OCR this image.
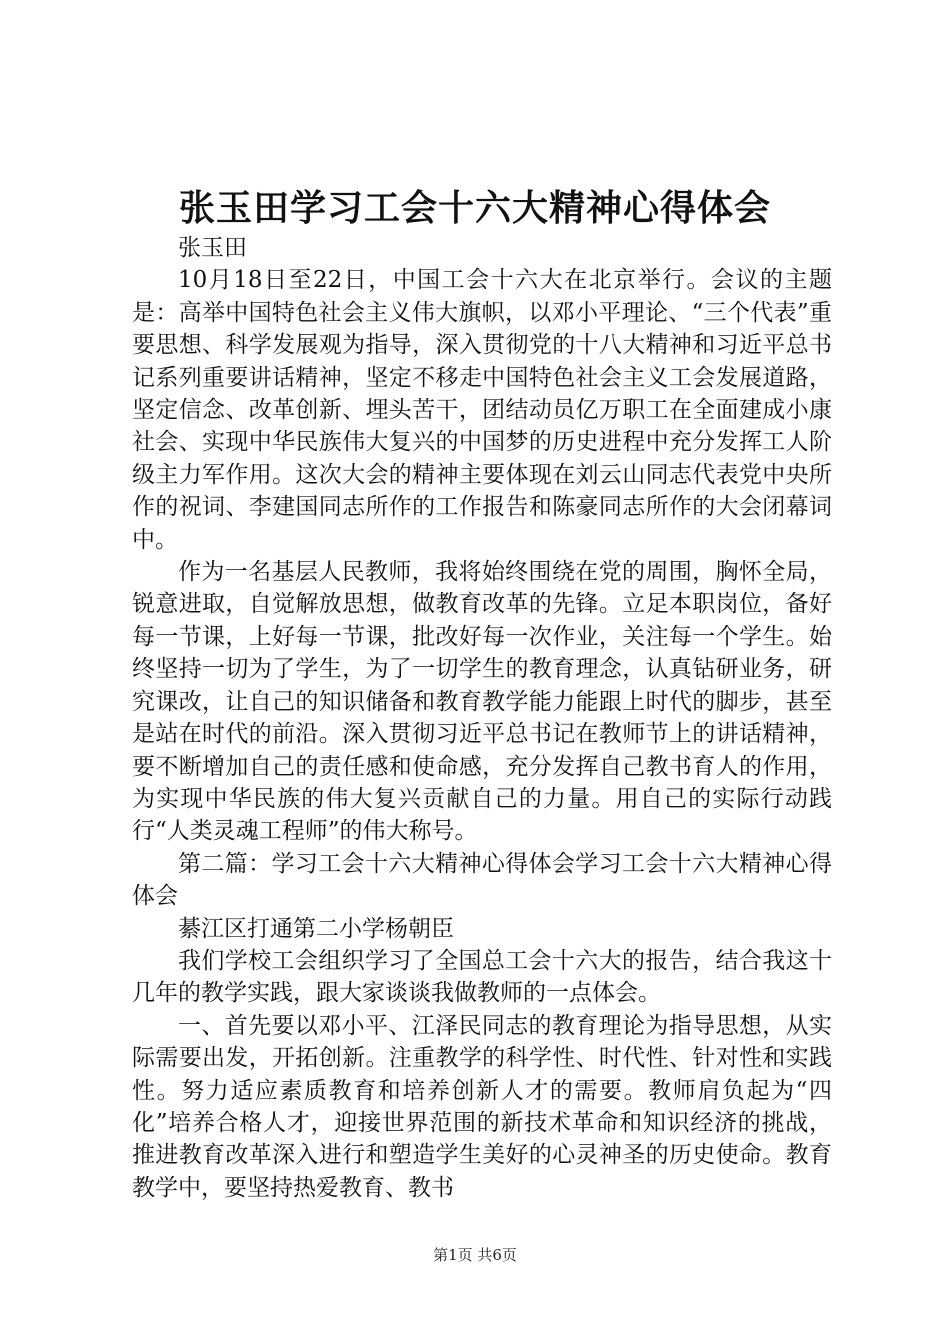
张玉田学习工会十六大精神心得体会

张玉田

10月18日至22日，中国工会十六大在北京举行。会议的主题是：高举中国特色社会主义伟大旗帜，以邓小平理论、“三个代表”重要思想、科学发展观为指导，深入贯彻党的十八大精神和习近平总书记系列重要讲话精神，坚定不移走中国特色社会主义工会发展道路，坚定信念、改革创新、埋头苦干，团结动员亿万职工在全面建成小康社会、实现中华民族伟大复兴的中国梦的历史进程中充分发挥工人阶级主力军作用。这次大会的精神主要体现在刘云山同志代表党中央所作的祝词、李建国同志所作的工作报告和陈豪同志所作的大会闭幕词中。

作为一名基层人民教师，我将始终围绕在党的周围，胸怀全局，锐意进取，自觉解放思想，做教育改革的先锋。立足本职岗位，备好每一节课，上好每一节课，批改好每一次作业，关注每一个学生。始终坚持一切为了学生，为了一切学生的教育理念，认真钻研业务，研究课改，让自己的知识储备和教育教学能力能跟上时代的脚步，甚至是站在时代的前沿。深入贯彻习近平总书记在教师节上的讲话精神，要不断增加自己的责任感和使命感，充分发挥自己教书育人的作用，为实现中华民族的伟大复兴贡献自己的力量。用自己的实际行动践行“人类灵魂工程师”的伟大称号。

第二篇：学习工会十六大精神心得体会学习工会十六大精神心得体会

綦江区打通第二小学杨朝臣

我们学校工会组织学习了全国总工会十六大的报告，结合我这十几年的教学实践，跟大家谈谈我做教师的一点体会。

一、首先要以邓小平、江泽民同志的教育理论为指导思想，从实际需要出发，开拓创新。注重教学的科学性、时代性、针对性和实践性。努力适应素质教育和培养创新人才的需要。教师肩负起为“四化”培养合格人才，迎接世界范围的新技术革命和知识经济的挑战，推进教育改革深入进行和塑造学生美好的心灵神圣的历史使命。教育教学中，要坚持热爱教育、教书

第1页 共6页
